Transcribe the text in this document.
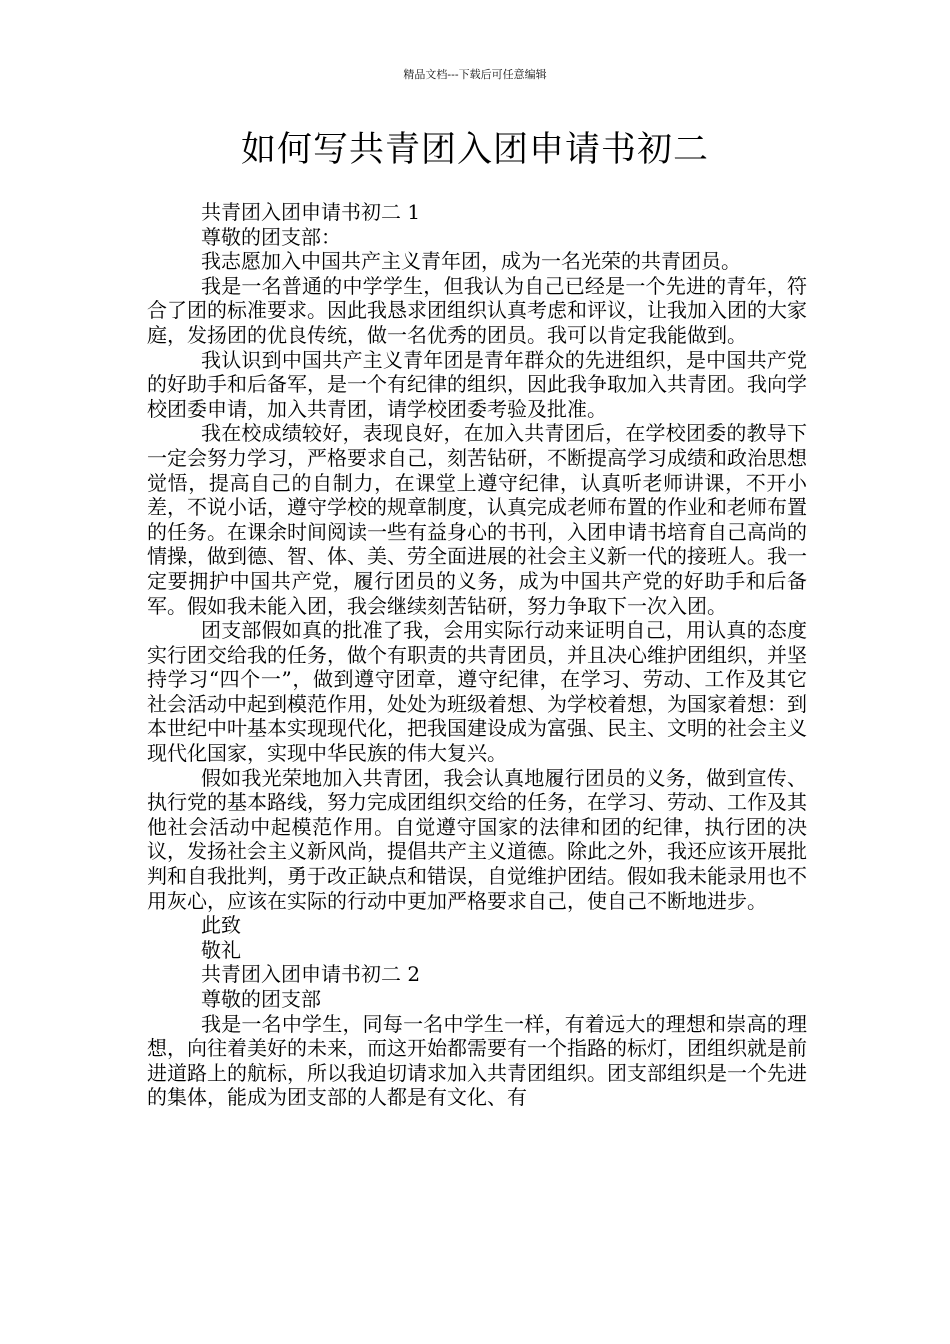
精品文档---下载后可任意编辑
如何写共青团入团申请书初二

共青团入团申请书初二 1

尊敬的团支部：

我志愿加入中国共产主义青年团，成为一名光荣的共青团员。

我是一名普通的中学学生，但我认为自己已经是一个先进的青年，符合了团的标准要求。因此我恳求团组织认真考虑和评议，让我加入团的大家庭，发扬团的优良传统，做一名优秀的团员。我可以肯定我能做到。

我认识到中国共产主义青年团是青年群众的先进组织，是中国共产党的好助手和后备军，是一个有纪律的组织，因此我争取加入共青团。我向学校团委申请，加入共青团，请学校团委考验及批准。

我在校成绩较好，表现良好，在加入共青团后，在学校团委的教导下一定会努力学习，严格要求自己，刻苦钻研，不断提高学习成绩和政治思想觉悟，提高自己的自制力，在课堂上遵守纪律，认真听老师讲课，不开小差，不说小话，遵守学校的规章制度，认真完成老师布置的作业和老师布置的任务。在课余时间阅读一些有益身心的书刊，入团申请书培育自己高尚的情操，做到德、智、体、美、劳全面进展的社会主义新一代的接班人。我一定要拥护中国共产党，履行团员的义务，成为中国共产党的好助手和后备军。假如我未能入团，我会继续刻苦钻研，努力争取下一次入团。

团支部假如真的批准了我，会用实际行动来证明自己，用认真的态度实行团交给我的任务，做个有职责的共青团员，并且决心维护团组织，并坚持学习“四个一”，做到遵守团章，遵守纪律，在学习、劳动、工作及其它社会活动中起到模范作用，处处为班级着想、为学校着想，为国家着想：到本世纪中叶基本实现现代化，把我国建设成为富强、民主、文明的社会主义现代化国家，实现中华民族的伟大复兴。

假如我光荣地加入共青团，我会认真地履行团员的义务，做到宣传、执行党的基本路线，努力完成团组织交给的任务，在学习、劳动、工作及其他社会活动中起模范作用。自觉遵守国家的法律和团的纪律，执行团的决议，发扬社会主义新风尚，提倡共产主义道德。除此之外，我还应该开展批判和自我批判，勇于改正缺点和错误，自觉维护团结。假如我未能录用也不用灰心，应该在实际的行动中更加严格要求自己，使自己不断地进步。

此致

敬礼

共青团入团申请书初二 2

尊敬的团支部

我是一名中学生，同每一名中学生一样，有着远大的理想和崇高的理想，向往着美好的未来，而这开始都需要有一个指路的标灯，团组织就是前进道路上的航标，所以我迫切请求加入共青团组织。团支部组织是一个先进的集体，能成为团支部的人都是有文化、有
